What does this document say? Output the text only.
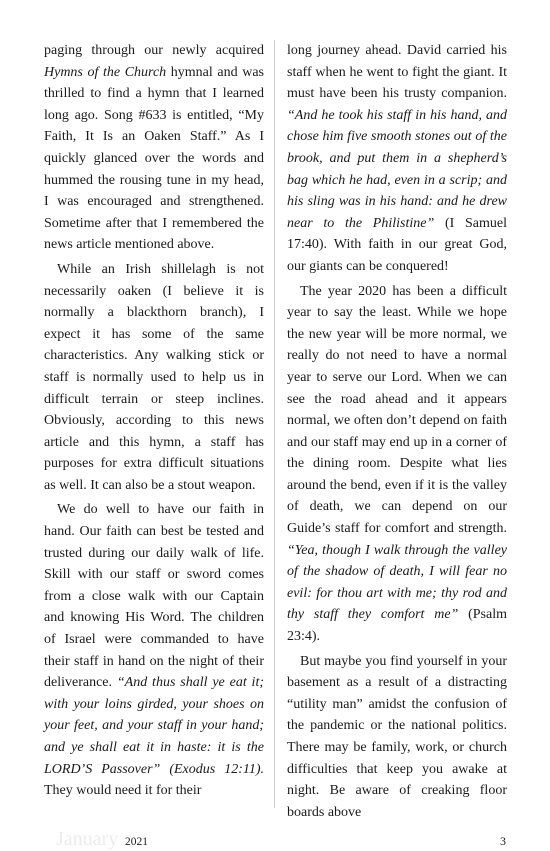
paging through our newly acquired Hymns of the Church hymnal and was thrilled to find a hymn that I learned long ago. Song #633 is entitled, “My Faith, It Is an Oaken Staff.” As I quickly glanced over the words and hummed the rousing tune in my head, I was encouraged and strengthened. Sometime after that I remembered the news article mentioned above.

While an Irish shillelagh is not necessarily oaken (I believe it is normally a blackthorn branch), I expect it has some of the same characteristics. Any walking stick or staff is normally used to help us in difficult terrain or steep inclines. Obviously, according to this news article and this hymn, a staff has purposes for extra difficult situations as well. It can also be a stout weapon.

We do well to have our faith in hand. Our faith can best be tested and trusted during our daily walk of life. Skill with our staff or sword comes from a close walk with our Captain and knowing His Word. The children of Israel were commanded to have their staff in hand on the night of their deliverance. “And thus shall ye eat it; with your loins girded, your shoes on your feet, and your staff in your hand; and ye shall eat it in haste: it is the LORD’S Passover” (Exodus 12:11). They would need it for their

long journey ahead. David carried his staff when he went to fight the giant. It must have been his trusty companion. “And he took his staff in his hand, and chose him five smooth stones out of the brook, and put them in a shepherd’s bag which he had, even in a scrip; and his sling was in his hand: and he drew near to the Philistine” (I Samuel 17:40). With faith in our great God, our giants can be conquered!

The year 2020 has been a difficult year to say the least. While we hope the new year will be more normal, we really do not need to have a normal year to serve our Lord. When we can see the road ahead and it appears normal, we often don’t depend on faith and our staff may end up in a corner of the dining room. Despite what lies around the bend, even if it is the valley of death, we can depend on our Guide’s staff for comfort and strength. “Yea, though I walk through the valley of the shadow of death, I will fear no evil: for thou art with me; thy rod and thy staff they comfort me” (Psalm 23:4).

But maybe you find yourself in your basement as a result of a distracting “utility man” amidst the confusion of the pandemic or the national politics. There may be family, work, or church difficulties that keep you awake at night. Be aware of creaking floor boards above

January 2021	3
